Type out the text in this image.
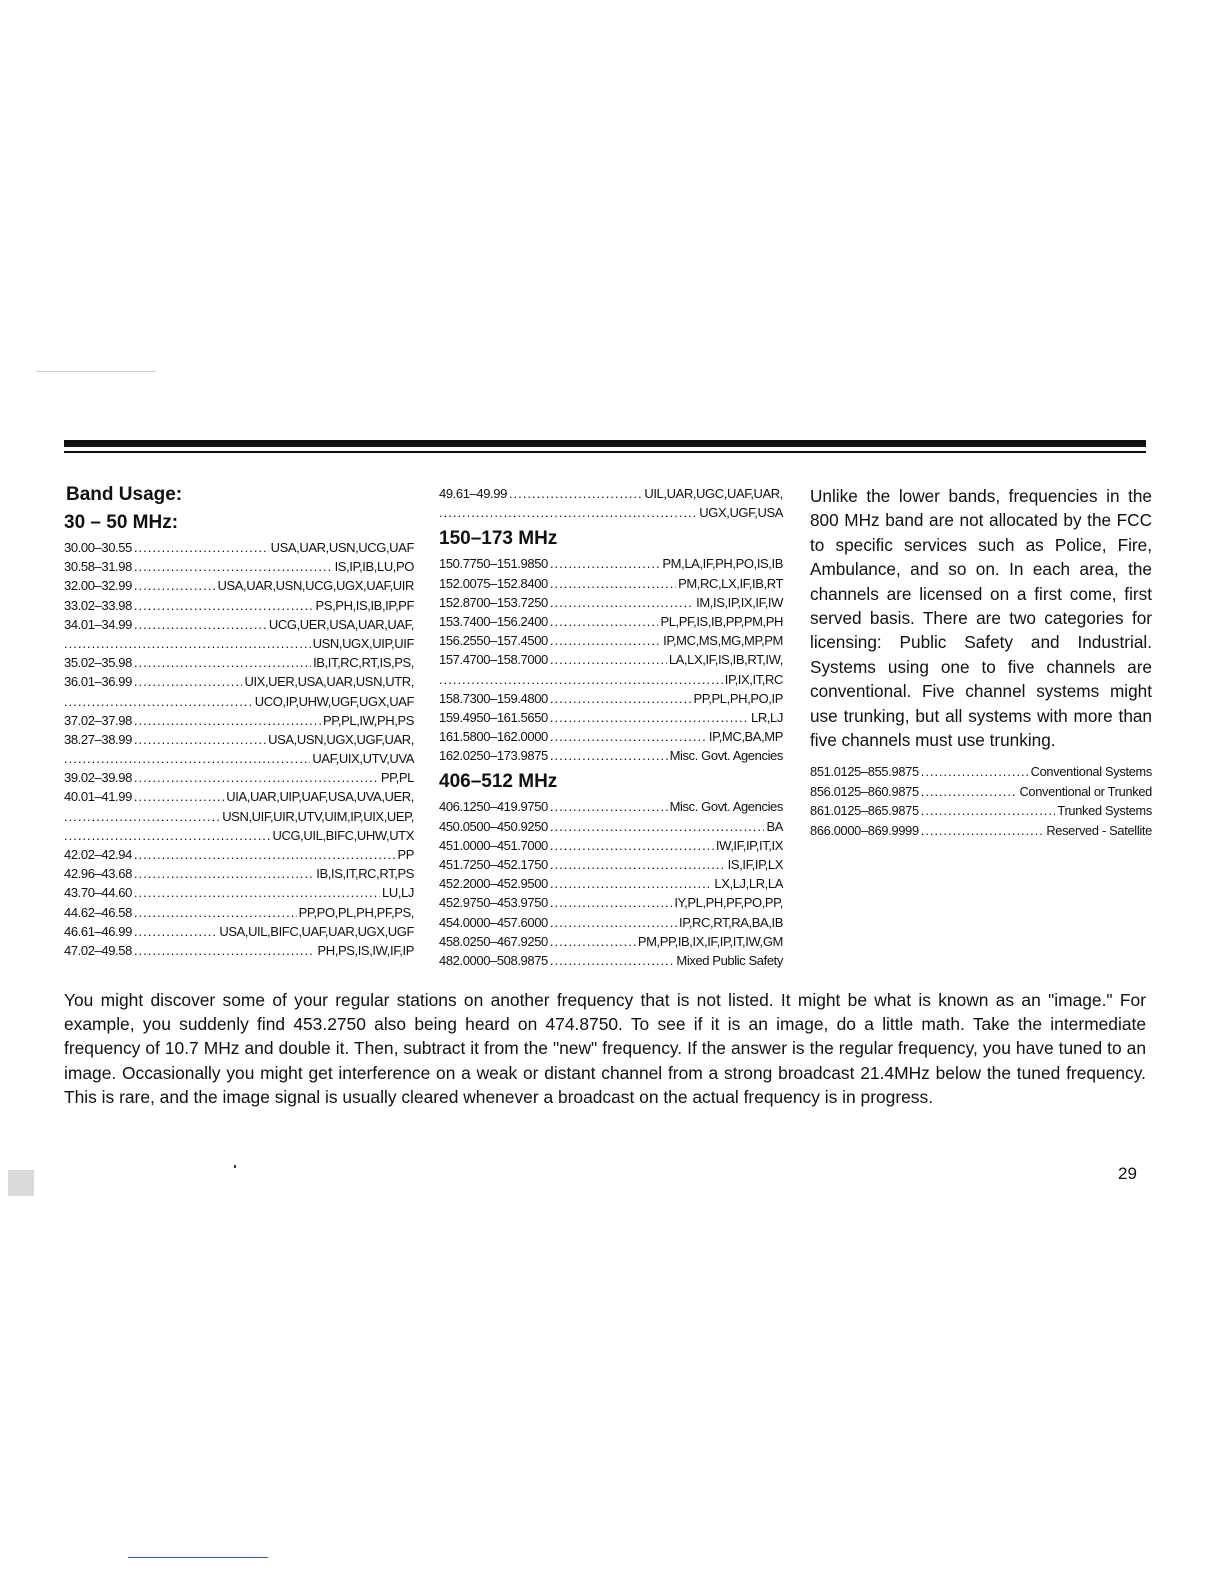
Band Usage:
30 – 50 MHz:
30.00–30.55 .....	USA,UAR,USN,UCG,UAF
30.58–31.98 .....	IS,IP,IB,LU,PO
32.00–32.99 .....	USA,UAR,USN,UCG,UGX,UAF,UIR
33.02–33.98 .....	PS,PH,IS,IB,IP,PF
34.01–34.99 .....	UCG,UER,USA,UAR,UAF,
.....
USN,UGX,UIP,UIF
35.02–35.98 .....	IB,IT,RC,RT,IS,PS,
36.01–36.99 .....	UIX,UER,USA,UAR,USN,UTR,
.....
UCO,IP,UHW,UGF,UGX,UAF
37.02–37.98 .....	PP,PL,IW,PH,PS
38.27–38.99 .....	USA,USN,UGX,UGF,UAR,
.....
UAF,UIX,UTV,UVA
39.02–39.98 .....	PP,PL
40.01–41.99 .....	UIA,UAR,UIP,UAF,USA,UVA,UER,
.....
USN,UIF,UIR,UTV,UIM,IP,UIX,UEP,
.....
UCG,UIL,BIFC,UHW,UTX
42.02–42.94 .....	PP
42.96–43.68 .....	IB,IS,IT,RC,RT,PS
43.70–44.60 .....	LU,LJ
44.62–46.58 .....	PP,PO,PL,PH,PF,PS,
46.61–46.99 .....	USA,UIL,BIFC,UAF,UAR,UGX,UGF
47.02–49.58 .....	PH,PS,IS,IW,IF,IP
49.61–49.99 .....	UIL,UAR,UGC,UAF,UAR,
.....
UGX,UGF,USA
150–173 MHz
150.7750–151.9850 .....	PM,LA,IF,PH,PO,IS,IB
152.0075–152.8400 .....	PM,RC,LX,IF,IB,RT
152.8700–153.7250 .....	IM,IS,IP,IX,IF,IW
153.7400–156.2400 .....	PL,PF,IS,IB,PP,PM,PH
156.2550–157.4500 .....	IP,MC,MS,MG,MP,PM
157.4700–158.7000 .....	LA,LX,IF,IS,IB,RT,IW,
.....
IP,IX,IT,RC
158.7300–159.4800 .....	PP,PL,PH,PO,IP
159.4950–161.5650 .....	LR,LJ
161.5800–162.0000 .....	IP,MC,BA,MP
162.0250–173.9875 .....	Misc. Govt. Agencies
406–512 MHz
406.1250–419.9750 .....	Misc. Govt. Agencies
450.0500–450.9250 .....	BA
451.0000–451.7000 .....	IW,IF,IP,IT,IX
451.7250–452.1750 .....	IS,IF,IP,LX
452.2000–452.9500 .....	LX,LJ,LR,LA
452.9750–453.9750 .....	IY,PL,PH,PF,PO,PP,
454.0000–457.6000 .....	IP,RC,RT,RA,BA,IB
458.0250–467.9250 .....	PM,PP,IB,IX,IF,IP,IT,IW,GM
482.0000–508.9875 .....	Mixed Public Safety

Unlike the lower bands, frequencies in the 800 MHz band are not allocated by the FCC to specific services such as Police, Fire, Ambulance, and so on. In each area, the channels are licensed on a first come, first served basis. There are two categories for licensing: Public Safety and Industrial. Systems using one to five channels are conventional. Five channel systems might use trunking, but all systems with more than five channels must use trunking.

851.0125–855.9875 .....	Conventional Systems
856.0125–860.9875 .....	Conventional or Trunked
861.0125–865.9875 .....	Trunked Systems
866.0000–869.9999 .....	Reserved - Satellite
You might discover some of your regular stations on another frequency that is not listed. It might be what is known as an "image." For example, you suddenly find 453.2750 also being heard on 474.8750. To see if it is an image, do a little math. Take the intermediate frequency of 10.7 MHz and double it. Then, subtract it from the "new" frequency. If the answer is the regular frequency, you have tuned to an image. Occasionally you might get interference on a weak or distant channel from a strong broadcast 21.4MHz below the tuned frequency. This is rare, and the image signal is usually cleared whenever a broadcast on the actual frequency is in progress.
29
